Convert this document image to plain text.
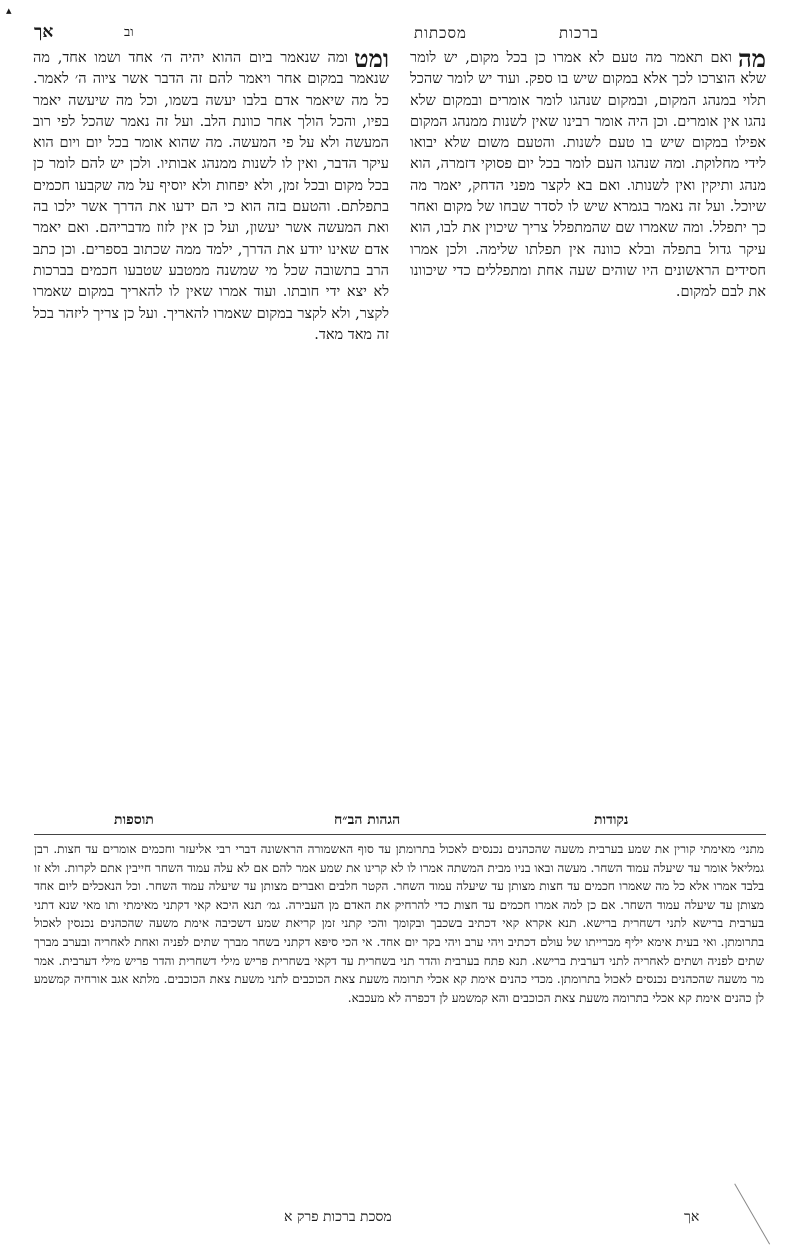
▴
אך	וב	ברכות
מסכתות
מה
ואם תאמר מה טעם לא אמרו כן בכל מקום, יש לומר שלא הוצרכו לכך אלא במקום שיש בו ספק. ועוד יש לומר שהכל תלוי במנהג המקום, ובמקום שנהגו לומר אומרים ובמקום שלא נהגו אין אומרים. וכן היה אומר רבינו שאין לשנות ממנהג המקום אפילו במקום שיש בו טעם לשנות. והטעם משום שלא יבואו לידי מחלוקת. ומה שנהגו העם לומר בכל יום פסוקי דזמרה, הוא מנהג ותיקין ואין לשנותו. ואם בא לקצר מפני הדחק, יאמר מה שיוכל. ועל זה נאמר בגמרא שיש לו לסדר שבחו של מקום ואחר כך יתפלל. ומה שאמרו שם שהמתפלל צריך שיכוין את לבו, הוא עיקר גדול בתפלה ובלא כוונה אין תפלתו שלימה. ולכן אמרו חסידים הראשונים היו שוהים שעה אחת ומתפללים כדי שיכוונו את לבם למקום.
ומט
ומה שנאמר ביום ההוא יהיה ה׳ אחד ושמו אחד, מה שנאמר במקום אחר ויאמר להם זה הדבר אשר ציוה ה׳ לאמר. כל מה שיאמר אדם בלבו יעשה בשמו, וכל מה שיעשה יאמר בפיו, והכל הולך אחר כוונת הלב. ועל זה נאמר שהכל לפי רוב המעשה ולא על פי המעשה. מה שהוא אומר בכל יום ויום הוא עיקר הדבר, ואין לו לשנות ממנהג אבותיו. ולכן יש להם לומר כן בכל מקום ובכל זמן, ולא יפחות ולא יוסיף על מה שקבעו חכמים בתפלתם. והטעם בזה הוא כי הם ידעו את הדרך אשר ילכו בה ואת המעשה אשר יעשון, ועל כן אין לזוז מדבריהם. ואם יאמר אדם שאינו יודע את הדרך, ילמד ממה שכתוב בספרים. וכן כתב הרב בתשובה שכל מי שמשנה ממטבע שטבעו חכמים בברכות לא יצא ידי חובתו. ועוד אמרו שאין לו להאריך במקום שאמרו לקצר, ולא לקצר במקום שאמרו להאריך. ועל כן צריך ליזהר בכל זה מאד מאד.
תוספות	הגהות הב״ח	נקודות
מתני׳ מאימתי קורין את שמע בערבית משעה שהכהנים נכנסים לאכול בתרומתן עד סוף האשמורה הראשונה דברי רבי אליעזר וחכמים אומרים עד חצות. רבן גמליאל אומר עד שיעלה עמוד השחר. מעשה ובאו בניו מבית המשתה אמרו לו לא קרינו את שמע אמר להם אם לא עלה עמוד השחר חייבין אתם לקרות. ולא זו בלבד אמרו אלא כל מה שאמרו חכמים עד חצות מצותן עד שיעלה עמוד השחר. הקטר חלבים ואברים מצותן עד שיעלה עמוד השחר. וכל הנאכלים ליום אחד מצותן עד שיעלה עמוד השחר. אם כן למה אמרו חכמים עד חצות כדי להרחיק את האדם מן העבירה. גמ׳ תנא היכא קאי דקתני מאימתי ותו מאי שנא דתני בערבית ברישא לתני דשחרית ברישא. תנא אקרא קאי דכתיב בשכבך ובקומך והכי קתני זמן קריאת שמע דשכיבה אימת משעה שהכהנים נכנסין לאכול בתרומתן. ואי בעית אימא יליף מברייתו של עולם דכתיב ויהי ערב ויהי בקר יום אחד. אי הכי סיפא דקתני בשחר מברך שתים לפניה ואחת לאחריה ובערב מברך שתים לפניה ושתים לאחריה לתני דערבית ברישא. תנא פתח בערבית והדר תני בשחרית עד דקאי בשחרית פריש מילי דשחרית והדר פריש מילי דערבית. אמר מר משעה שהכהנים נכנסים לאכול בתרומתן. מכדי כהנים אימת קא אכלי תרומה משעת צאת הכוכבים לתני משעת צאת הכוכבים. מלתא אגב אורחיה קמשמע לן כהנים אימת קא אכלי בתרומה משעת צאת הכוכבים והא קמשמע לן דכפרה לא מעכבא.
מסכת ברכות פרק א	אך
